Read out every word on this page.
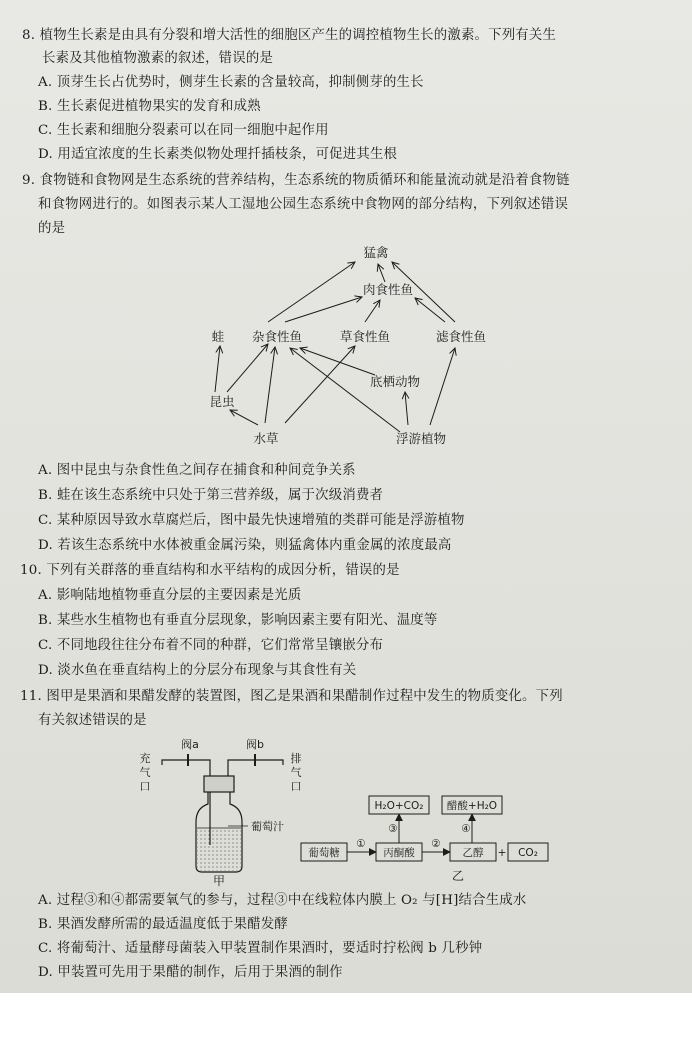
8. 植物生长素是由具有分裂和增大活性的细胞区产生的调控植物生长的激素。下列有关生
长素及其他植物激素的叙述，错误的是
A. 顶芽生长占优势时，侧芽生长素的含量较高，抑制侧芽的生长
B. 生长素促进植物果实的发育和成熟
C. 生长素和细胞分裂素可以在同一细胞中起作用
D. 用适宜浓度的生长素类似物处理扦插枝条，可促进其生根
9. 食物链和食物网是生态系统的营养结构，生态系统的物质循环和能量流动就是沿着食物链
和食物网进行的。如图表示某人工湿地公园生态系统中食物网的部分结构，下列叙述错误
的是
猛禽
肉食性鱼
蛙 杂食性鱼	草食性鱼	滤食性鱼
底栖动物
昆虫
水草	浮游植物
A. 图中昆虫与杂食性鱼之间存在捕食和种间竞争关系
B. 蛙在该生态系统中只处于第三营养级，属于次级消费者
C. 某种原因导致水草腐烂后，图中最先快速增殖的类群可能是浮游植物
D. 若该生态系统中水体被重金属污染，则猛禽体内重金属的浓度最高
10. 下列有关群落的垂直结构和水平结构的成因分析，错误的是
A. 影响陆地植物垂直分层的主要因素是光质
B. 某些水生植物也有垂直分层现象，影响因素主要有阳光、温度等
C. 不同地段往往分布着不同的种群，它们常常呈镶嵌分布
D. 淡水鱼在垂直结构上的分层分布现象与其食性有关
11. 图甲是果酒和果醋发酵的装置图，图乙是果酒和果醋制作过程中发生的物质变化。下列
有关叙述错误的是
阀a	阀b
充
气
口
排
气
口
葡萄汁
甲
葡萄糖	丙酮酸	乙醇	CO₂
H₂O+CO₂ 醋酸+H₂O
+
①	②
③	④
乙
A. 过程③和④都需要氧气的参与，过程③中在线粒体内膜上 O₂ 与[H]结合生成水
B. 果酒发酵所需的最适温度低于果醋发酵
C. 将葡萄汁、适量酵母菌装入甲装置制作果酒时，要适时拧松阀 b 几秒钟
D. 甲装置可先用于果醋的制作，后用于果酒的制作
